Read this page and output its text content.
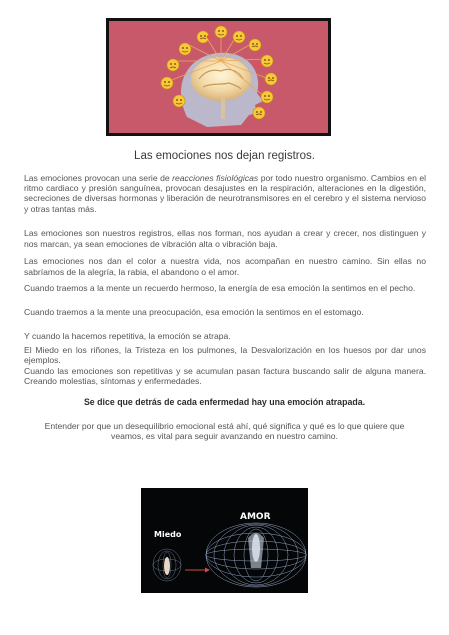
Las emociones nos dejan registros.

Las emociones provocan una serie de reacciones fisiológicas por todo nuestro organismo. Cambios en el ritmo cardiaco y presión sanguínea, provocan desajustes en la respiración, alteraciones en la digestión, secreciones de diversas hormonas y liberación de neurotransmisores en el cerebro y el sistema nervioso y otras tantas más.

Las emociones son nuestros registros, ellas nos forman, nos ayudan a crear y crecer, nos distinguen y nos marcan, ya sean emociones de vibración alta o vibración baja.

Las emociones nos dan el color a nuestra vida, nos acompañan en nuestro camino. Sin ellas no sabríamos de la alegría, la rabia, el abandono o el amor.

Cuando traemos a la mente un recuerdo hermoso, la energía de esa emoción la sentimos en el pecho.

Cuando traemos a la mente una preocupación, esa emoción la sentimos en el estomago.

Y cuando la hacemos repetitiva, la emoción se atrapa.

El Miedo en los riñones, la Tristeza en los pulmones, la Desvalorización en los huesos por dar unos ejemplos.

Cuando las emociones son repetitivas y se acumulan pasan factura buscando salir de alguna manera. Creando molestias, síntomas y enfermedades.

Se dice que detrás de cada enfermedad hay una emoción atrapada.
Entender por que un desequilibrio emocional está ahí, qué significa y qué es lo que quiere que veamos, es vital para seguir avanzando en nuestro camino.
AMOR
Miedo
